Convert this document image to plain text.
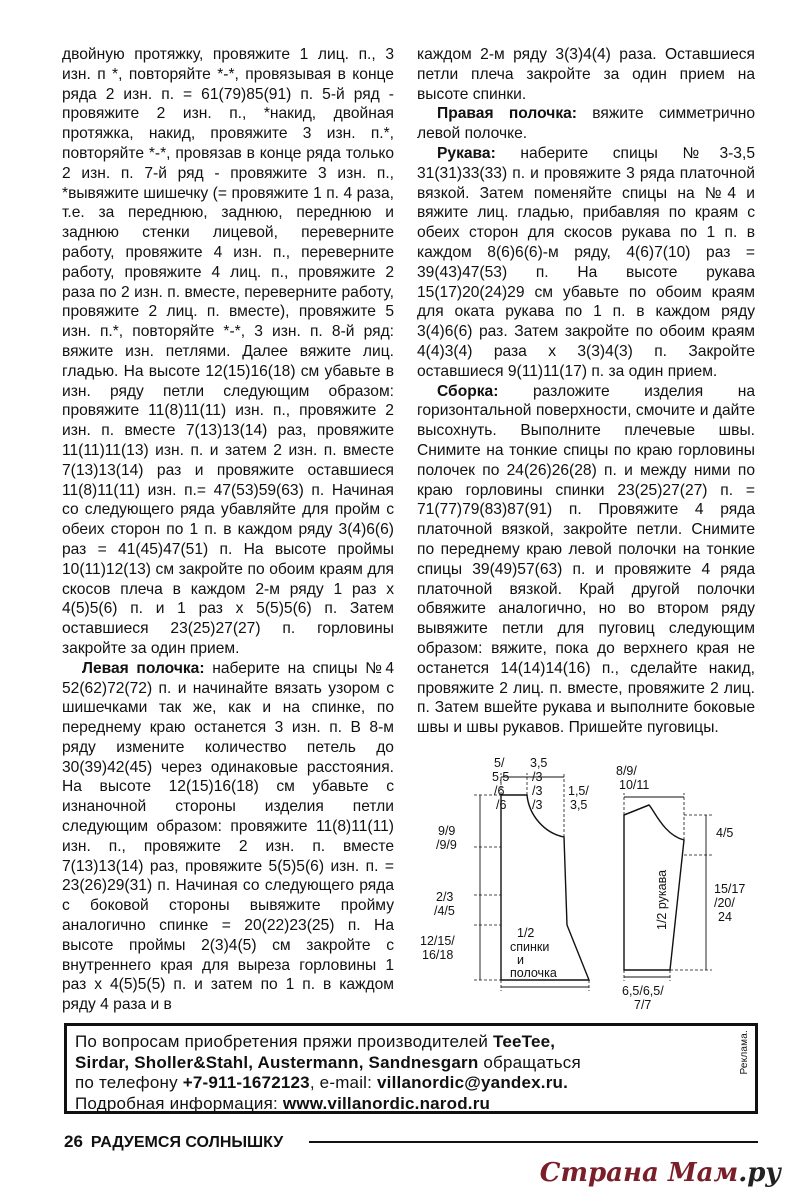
двойную протяжку, провяжите 1 лиц. п., 3 изн. п *, повторяйте *-*, провязывая в конце ряда 2 изн. п. = 61(79)85(91) п. 5-й ряд - провяжите 2 изн. п., *накид, двойная протяжка, накид, провяжите 3 изн. п.*, повторяйте *-*, провязав в конце ряда только 2 изн. п. 7-й ряд - провяжите 3 изн. п., *вывяжите шишечку (= провяжите 1 п. 4 раза, т.е. за переднюю, заднюю, переднюю и заднюю стенки лицевой, переверните работу, провяжите 4 изн. п., переверните работу, провяжите 4 лиц. п., провяжите 2 раза по 2 изн. п. вместе, переверните работу, провяжите 2 лиц. п. вместе), провяжите 5 изн. п.*, повторяйте *-*, 3 изн. п. 8-й ряд: вяжите изн. петлями. Далее вяжите лиц. гладью. На высоте 12(15)16(18) см убавьте в изн. ряду петли следующим образом: провяжите 11(8)11(11) изн. п., провяжите 2 изн. п. вместе 7(13)13(14) раз, провяжите 11(11)11(13) изн. п. и затем 2 изн. п. вместе 7(13)13(14) раз и провяжите оставшиеся 11(8)11(11) изн. п.= 47(53)59(63) п. Начиная со следующего ряда убавляйте для пройм с обеих сторон по 1 п. в каждом ряду 3(4)6(6) раз = 41(45)47(51) п. На высоте проймы 10(11)12(13) см закройте по обоим краям для скосов плеча в каждом 2-м ряду 1 раз х 4(5)5(6) п. и 1 раз х 5(5)5(6) п. Затем оставшиеся 23(25)27(27) п. горловины закройте за один прием.

Левая полочка: наберите на спицы №4 52(62)72(72) п. и начинайте вязать узором с шишечками так же, как и на спинке, по переднему краю останется 3 изн. п. В 8-м ряду измените количество петель до 30(39)42(45) через одинаковые расстояния. На высоте 12(15)16(18) см убавьте с изнаночной стороны изделия петли следующим образом: провяжите 11(8)11(11) изн. п., провяжите 2 изн. п. вместе 7(13)13(14) раз, провяжите 5(5)5(6) изн. п. = 23(26)29(31) п. Начиная со следующего ряда с боковой стороны вывяжите пройму аналогично спинке = 20(22)23(25) п. На высоте проймы 2(3)4(5) см закройте с внутреннего края для выреза горловины 1 раз х 4(5)5(5) п. и затем по 1 п. в каждом ряду 4 раза и в

каждом 2-м ряду 3(3)4(4) раза. Оставшиеся петли плеча закройте за один прием на высоте спинки.

Правая полочка: вяжите симметрично левой полочке.

Рукава: наберите спицы №3-3,5 31(31)33(33) п. и провяжите 3 ряда платочной вязкой. Затем поменяйте спицы на №4 и вяжите лиц. гладью, прибавляя по краям с обеих сторон для скосов рукава по 1 п. в каждом 8(6)6(6)-м ряду, 4(6)7(10) раз = 39(43)47(53) п. На высоте рукава 15(17)20(24)29 см убавьте по обоим краям для оката рукава по 1 п. в каждом ряду 3(4)6(6) раз. Затем закройте по обоим краям 4(4)3(4) раза х 3(3)4(3) п. Закройте оставшиеся 9(11)11(17) п. за один прием.

Сборка: разложите изделия на горизонтальной поверхности, смочите и дайте высохнуть. Выполните плечевые швы. Снимите на тонкие спицы по краю горловины полочек по 24(26)26(28) п. и между ними по краю горловины спинки 23(25)27(27) п. = 71(77)79(83)87(91) п. Провяжите 4 ряда платочной вязкой, закройте петли. Снимите по переднему краю левой полочки на тонкие спицы 39(49)57(63) п. и провяжите 4 ряда платочной вязкой. Край другой полочки обвяжите аналогично, но во втором ряду вывяжите петли для пуговиц следующим образом: вяжите, пока до верхнего края не останется 14(14)14(16) п., сделайте накид, провяжите 2 лиц. п. вместе, провяжите 2 лиц. п. Затем вшейте рукава и выполните боковые швы и швы рукавов. Пришейте пуговицы.

5/ 5,5 /6 /6
3,5 /3 /3 /3
1,5/ 3,5
9/9 /9/9
2/3 /4/5
12/15/ 16/18
1/2 спинки и полочка
8/9/ 10/11
4/5
15/17 /20/ 24
6,5/6,5/ 7/7
1/2 рукава

По вопросам приобретения пряжи производителей TeeTee,

Sirdar, Sholler&Stahl, Austermann, Sandnesgarn обращаться

по телефону +7-911-1672123, e-mail: villanordic@yandex.ru.

Подробная информация: www.villanordic.narod.ru

Реклама.
26 РАДУЕМСЯ СОЛНЫШКУ
Страна Мам.ру
